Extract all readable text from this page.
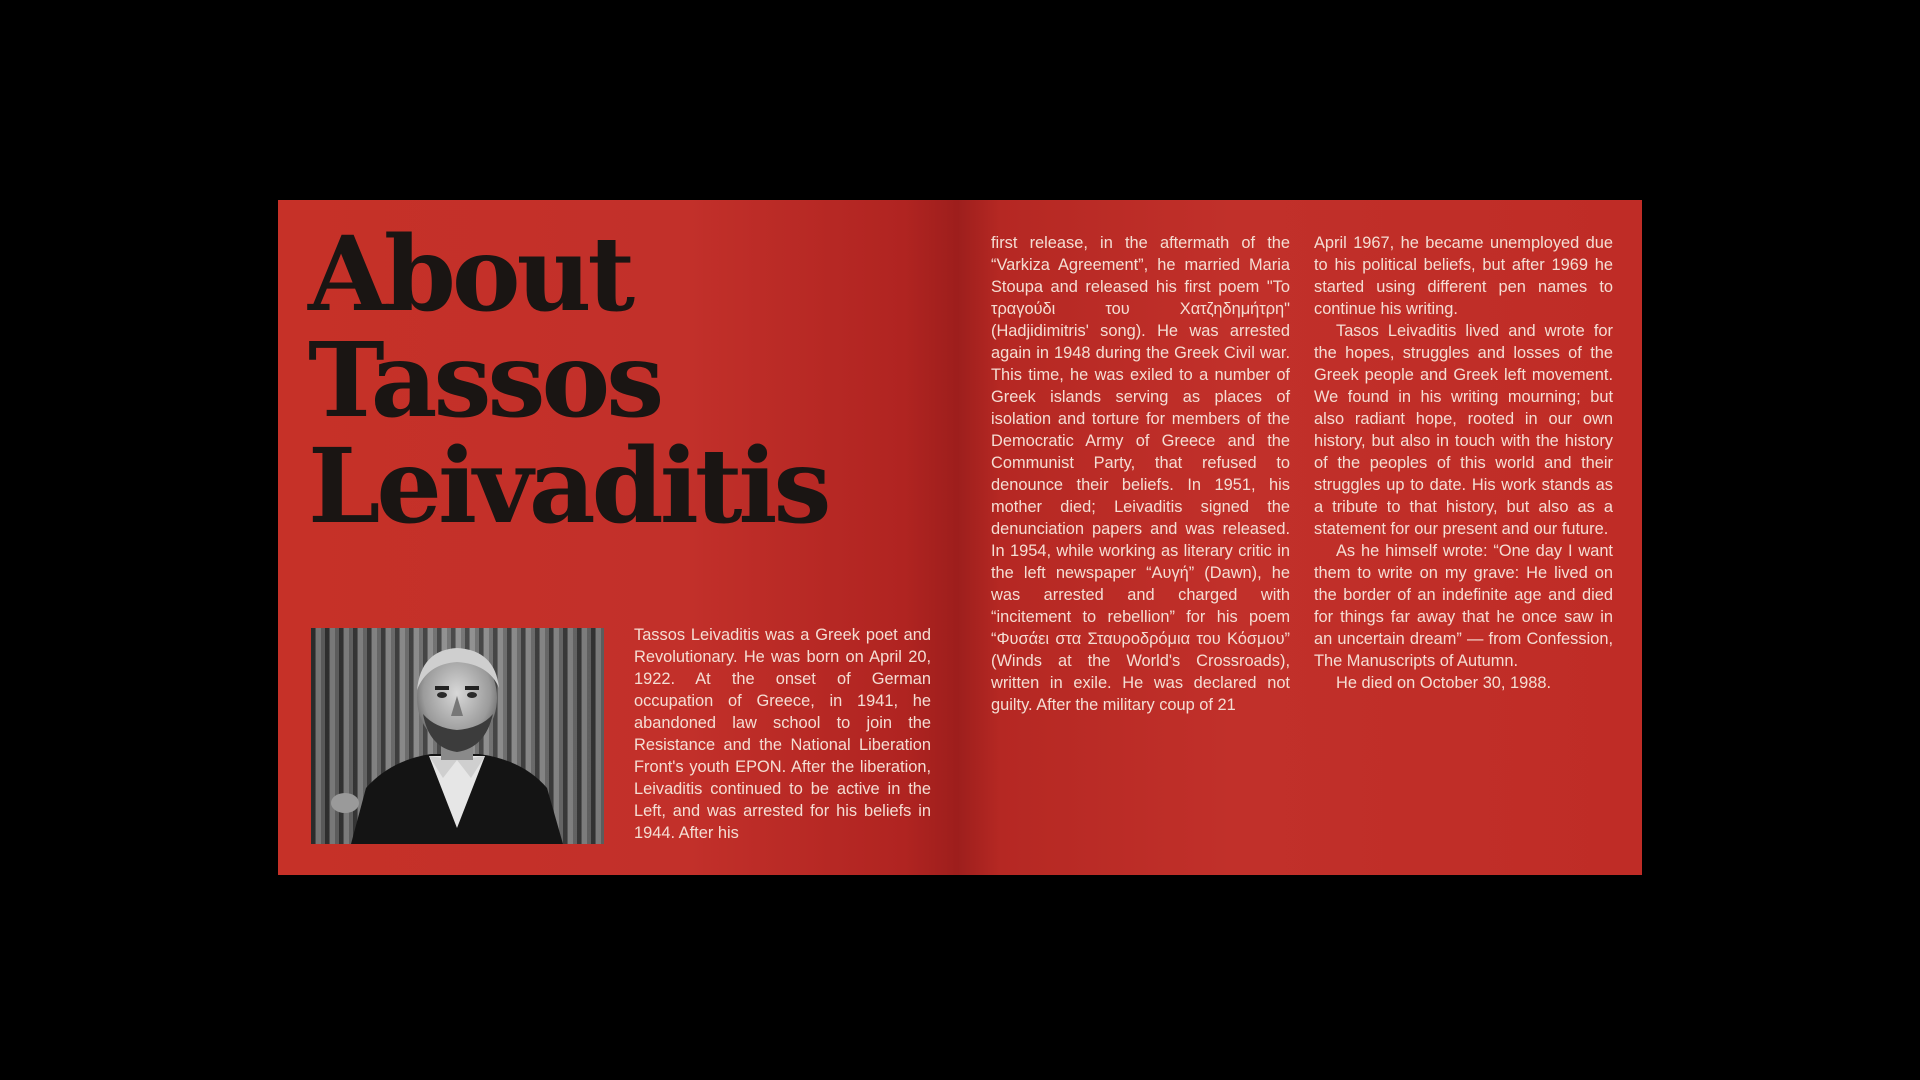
About
Tassos
Leivaditis

Tassos Leivaditis was a Greek poet and Revolutionary. He was born on April 20, 1922. At the onset of German occupation of Greece, in 1941, he abandoned law school to join the Resistance and the National Liberation Front's youth EPON. After the liberation, Leivaditis continued to be active in the Left, and was arrested for his beliefs in 1944. After his

first release, in the aftermath of the “Varkiza Agreement”, he married Maria Stoupa and released his first poem "Το τραγούδι του Χατζηδημήτρη" (Hadjidimitris' song). He was arrested again in 1948 during the Greek Civil war. This time, he was exiled to a number of Greek islands serving as places of isolation and torture for members of the Democratic Army of Greece and the Communist Party, that refused to denounce their beliefs. In 1951, his mother died; Leivaditis signed the denunciation papers and was released. In 1954, while working as literary critic in the left newspaper “Αυγή” (Dawn), he was arrested and charged with “incitement to rebellion” for his poem “Φυσάει στα Σταυροδρόμια του Κόσμου” (Winds at the World's Crossroads), written in exile. He was declared not guilty. After the military coup of 21

April 1967, he became unemployed due to his political beliefs, but after 1969 he started using different pen names to continue his writing.

Tasos Leivaditis lived and wrote for the hopes, struggles and losses of the Greek people and Greek left movement. We found in his writing mourning; but also radiant hope, rooted in our own history, but also in touch with the history of the peoples of this world and their struggles up to date. His work stands as a tribute to that history, but also as a statement for our present and our future.

As he himself wrote: “One day I want them to write on my grave: He lived on the border of an indefinite age and died for things far away that he once saw in an uncertain dream” — from Confession, The Manuscripts of Autumn.

He died on October 30, 1988.
